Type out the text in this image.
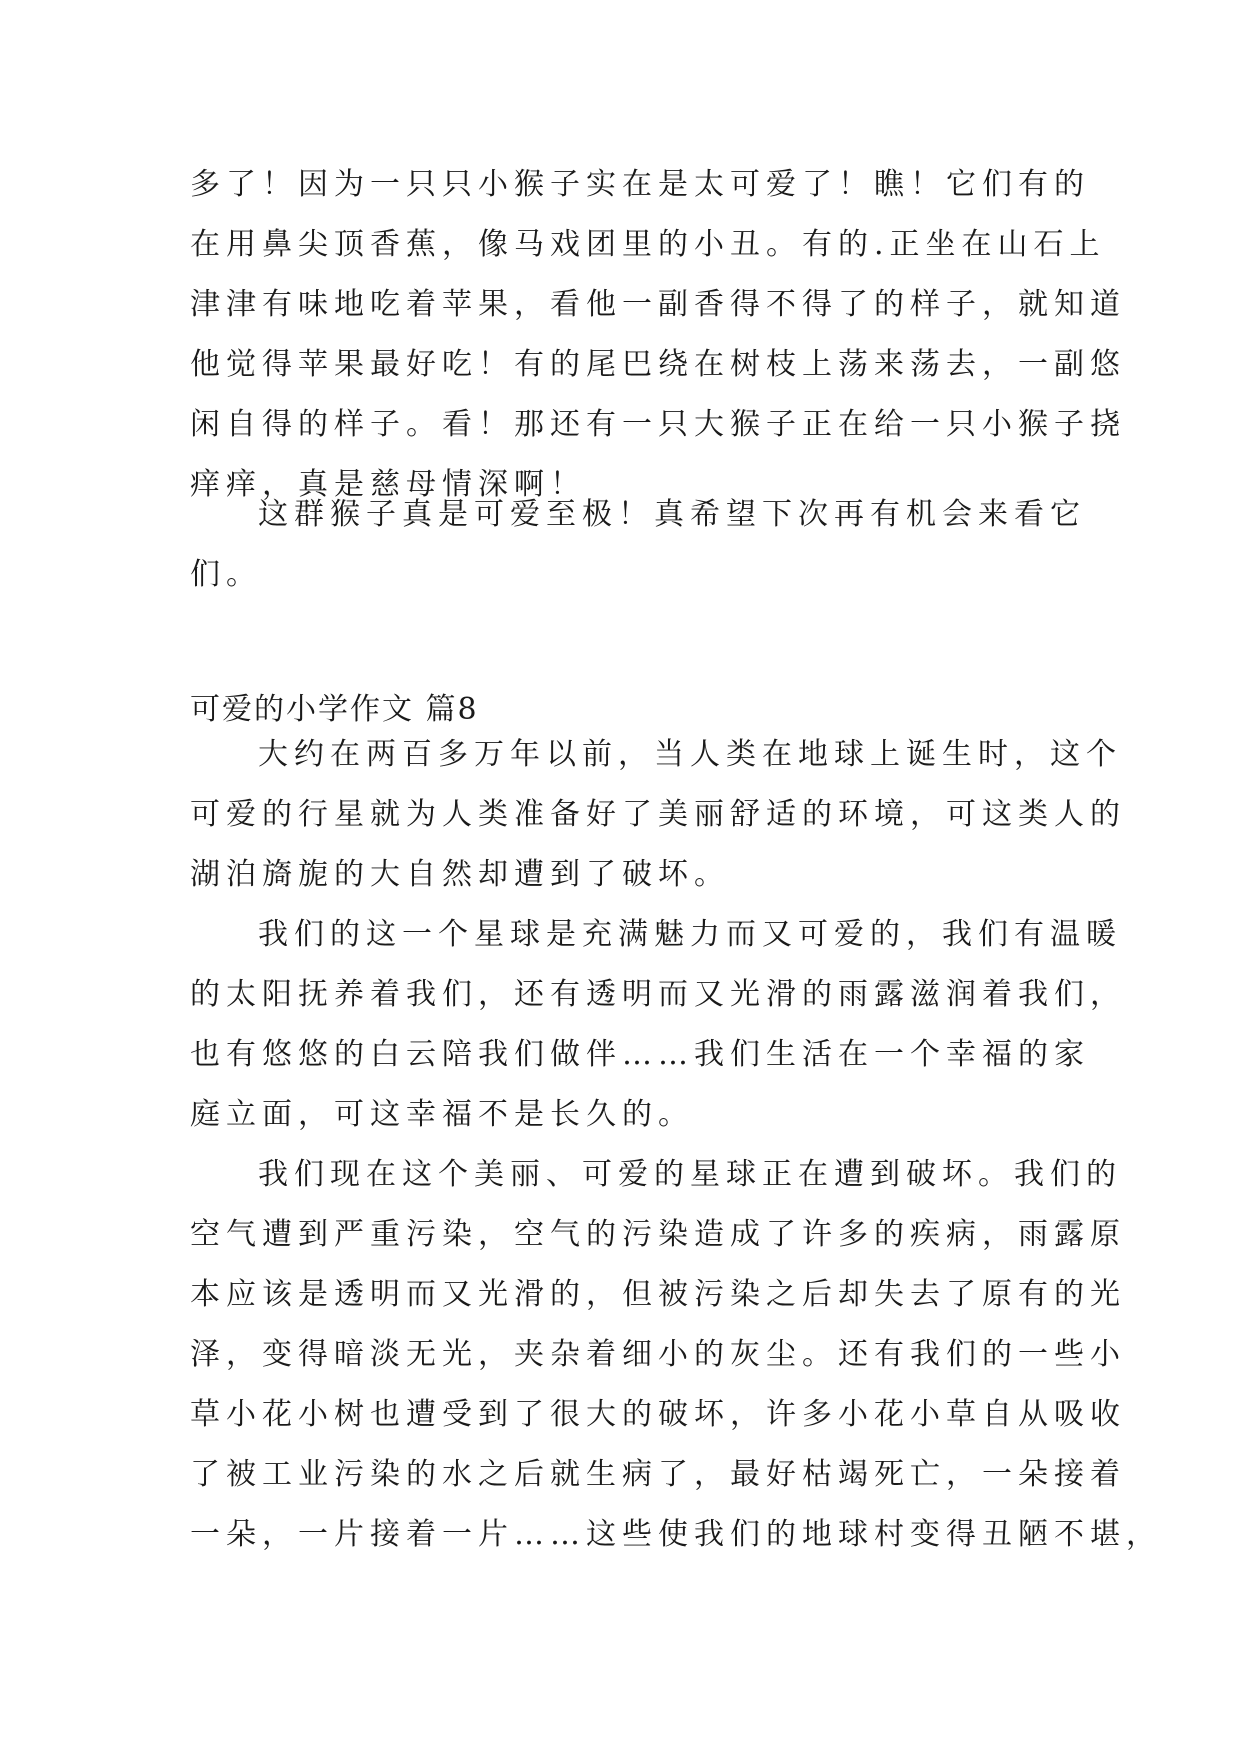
多了！因为一只只小猴子实在是太可爱了！瞧！它们有的
在用鼻尖顶香蕉，像马戏团里的小丑。有的.正坐在山石上
津津有味地吃着苹果，看他一副香得不得了的样子，就知道
他觉得苹果最好吃！有的尾巴绕在树枝上荡来荡去，一副悠
闲自得的样子。看！那还有一只大猴子正在给一只小猴子挠
痒痒，真是慈母情深啊！
这群猴子真是可爱至极！真希望下次再有机会来看它
们。
可爱的小学作文 篇8
大约在两百多万年以前，当人类在地球上诞生时，这个
可爱的行星就为人类准备好了美丽舒适的环境，可这类人的
湖泊旖旎的大自然却遭到了破坏。
我们的这一个星球是充满魅力而又可爱的，我们有温暖
的太阳抚养着我们，还有透明而又光滑的雨露滋润着我们，
也有悠悠的白云陪我们做伴……我们生活在一个幸福的家
庭立面，可这幸福不是长久的。
我们现在这个美丽、可爱的星球正在遭到破坏。我们的
空气遭到严重污染，空气的污染造成了许多的疾病，雨露原
本应该是透明而又光滑的，但被污染之后却失去了原有的光
泽，变得暗淡无光，夹杂着细小的灰尘。还有我们的一些小
草小花小树也遭受到了很大的破坏，许多小花小草自从吸收
了被工业污染的水之后就生病了，最好枯竭死亡，一朵接着
一朵，一片接着一片……这些使我们的地球村变得丑陋不堪，
